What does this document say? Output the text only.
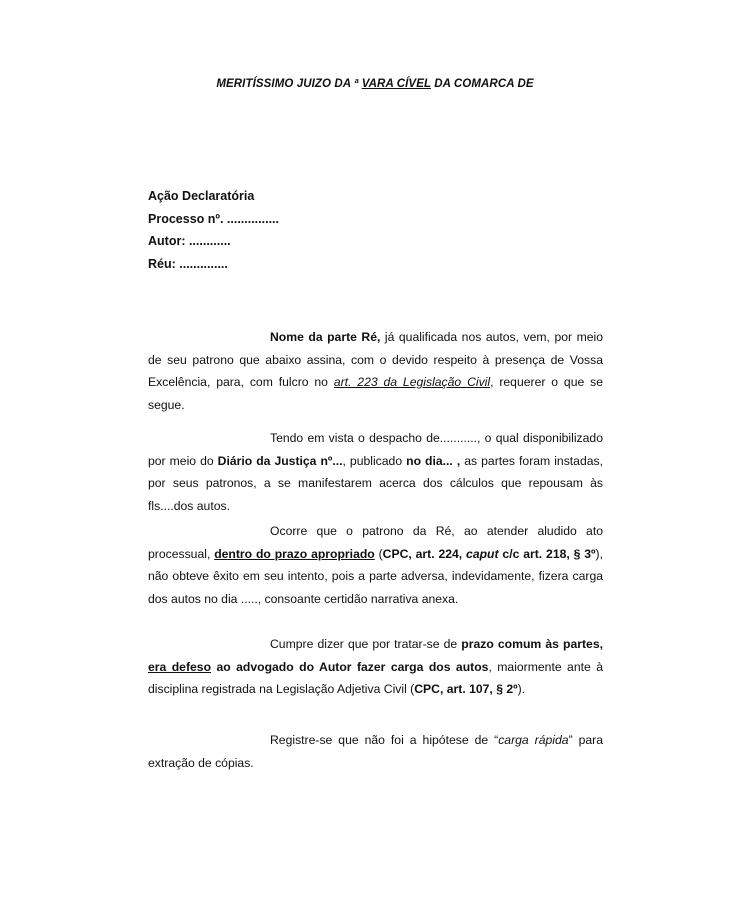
MERITÍSSIMO JUIZO DA ª VARA CÍVEL DA COMARCA DE
Ação Declaratória
Processo nº. ...............
Autor: ............
Réu: ..............
Nome da parte Ré, já qualificada nos autos, vem, por meio de seu patrono que abaixo assina, com o devido respeito à presença de Vossa Excelência, para, com fulcro no art. 223 da Legislação Civil, requerer o que se segue.
Tendo em vista o despacho de..........., o qual disponibilizado por meio do Diário da Justiça nº..., publicado no dia... , as partes foram instadas, por seus patronos, a se manifestarem acerca dos cálculos que repousam às fls....dos autos.
Ocorre que o patrono da Ré, ao atender aludido ato processual, dentro do prazo apropriado (CPC, art. 224, caput c/c art. 218, § 3º), não obteve êxito em seu intento, pois a parte adversa, indevidamente, fizera carga dos autos no dia ....., consoante certidão narrativa anexa.
Cumpre dizer que por tratar-se de prazo comum às partes, era defeso ao advogado do Autor fazer carga dos autos, maiormente ante à disciplina registrada na Legislação Adjetiva Civil (CPC, art. 107, § 2º).
Registre-se que não foi a hipótese de “carga rápida” para extração de cópias.
